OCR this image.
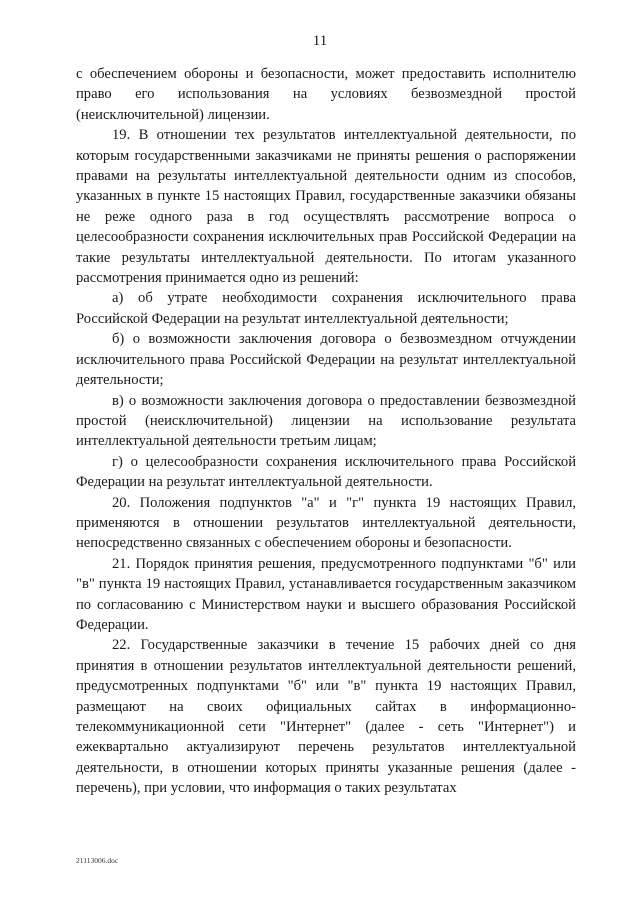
11

с обеспечением обороны и безопасности, может предоставить исполнителю право его использования на условиях безвозмездной простой (неисключительной) лицензии.

19. В отношении тех результатов интеллектуальной деятельности, по которым государственными заказчиками не приняты решения о распоряжении правами на результаты интеллектуальной деятельности одним из способов, указанных в пункте 15 настоящих Правил, государственные заказчики обязаны не реже одного раза в год осуществлять рассмотрение вопроса о целесообразности сохранения исключительных прав Российской Федерации на такие результаты интеллектуальной деятельности. По итогам указанного рассмотрения принимается одно из решений:

а) об утрате необходимости сохранения исключительного права Российской Федерации на результат интеллектуальной деятельности;

б) о возможности заключения договора о безвозмездном отчуждении исключительного права Российской Федерации на результат интеллектуальной деятельности;

в) о возможности заключения договора о предоставлении безвозмездной простой (неисключительной) лицензии на использование результата интеллектуальной деятельности третьим лицам;

г) о целесообразности сохранения исключительного права Российской Федерации на результат интеллектуальной деятельности.

20. Положения подпунктов "а" и "г" пункта 19 настоящих Правил, применяются в отношении результатов интеллектуальной деятельности, непосредственно связанных с обеспечением обороны и безопасности.

21. Порядок принятия решения, предусмотренного подпунктами "б" или "в" пункта 19 настоящих Правил, устанавливается государственным заказчиком по согласованию с Министерством науки и высшего образования Российской Федерации.

22. Государственные заказчики в течение 15 рабочих дней со дня принятия в отношении результатов интеллектуальной деятельности решений, предусмотренных подпунктами "б" или "в" пункта 19 настоящих Правил, размещают на своих официальных сайтах в информационно-телекоммуникационной сети "Интернет" (далее - сеть "Интернет") и ежеквартально актуализируют перечень результатов интеллектуальной деятельности, в отношении которых приняты указанные решения (далее - перечень), при условии, что информация о таких результатах

21113006.doc
